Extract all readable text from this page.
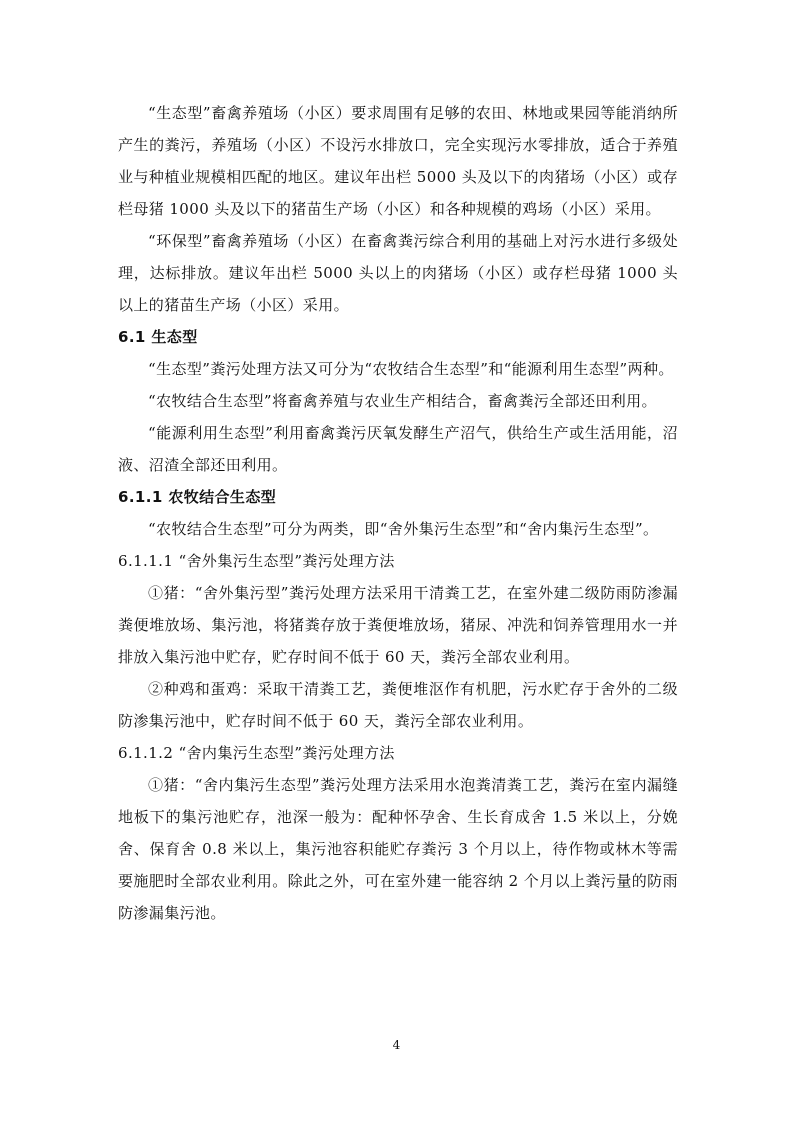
“生态型”畜禽养殖场（小区）要求周围有足够的农田、林地或果园等能消纳所产生的粪污，养殖场（小区）不设污水排放口，完全实现污水零排放，适合于养殖业与种植业规模相匹配的地区。建议年出栏 5000 头及以下的肉猪场（小区）或存栏母猪 1000 头及以下的猪苗生产场（小区）和各种规模的鸡场（小区）采用。

“环保型”畜禽养殖场（小区）在畜禽粪污综合利用的基础上对污水进行多级处理，达标排放。建议年出栏 5000 头以上的肉猪场（小区）或存栏母猪 1000 头以上的猪苗生产场（小区）采用。

6.1 生态型

“生态型”粪污处理方法又可分为“农牧结合生态型”和“能源利用生态型”两种。

“农牧结合生态型”将畜禽养殖与农业生产相结合，畜禽粪污全部还田利用。

“能源利用生态型”利用畜禽粪污厌氧发酵生产沼气，供给生产或生活用能，沼液、沼渣全部还田利用。

6.1.1 农牧结合生态型

“农牧结合生态型”可分为两类，即“舍外集污生态型”和“舍内集污生态型”。

6.1.1.1 “舍外集污生态型”粪污处理方法

①猪：“舍外集污型”粪污处理方法采用干清粪工艺，在室外建二级防雨防渗漏粪便堆放场、集污池，将猪粪存放于粪便堆放场，猪尿、冲洗和饲养管理用水一并排放入集污池中贮存，贮存时间不低于 60 天，粪污全部农业利用。

②种鸡和蛋鸡：采取干清粪工艺，粪便堆沤作有机肥，污水贮存于舍外的二级防渗集污池中，贮存时间不低于 60 天，粪污全部农业利用。

6.1.1.2 “舍内集污生态型”粪污处理方法

①猪：“舍内集污生态型”粪污处理方法采用水泡粪清粪工艺，粪污在室内漏缝地板下的集污池贮存，池深一般为：配种怀孕舍、生长育成舍 1.5 米以上，分娩舍、保育舍 0.8 米以上，集污池容积能贮存粪污 3 个月以上，待作物或林木等需要施肥时全部农业利用。除此之外，可在室外建一能容纳 2 个月以上粪污量的防雨防渗漏集污池。

4
